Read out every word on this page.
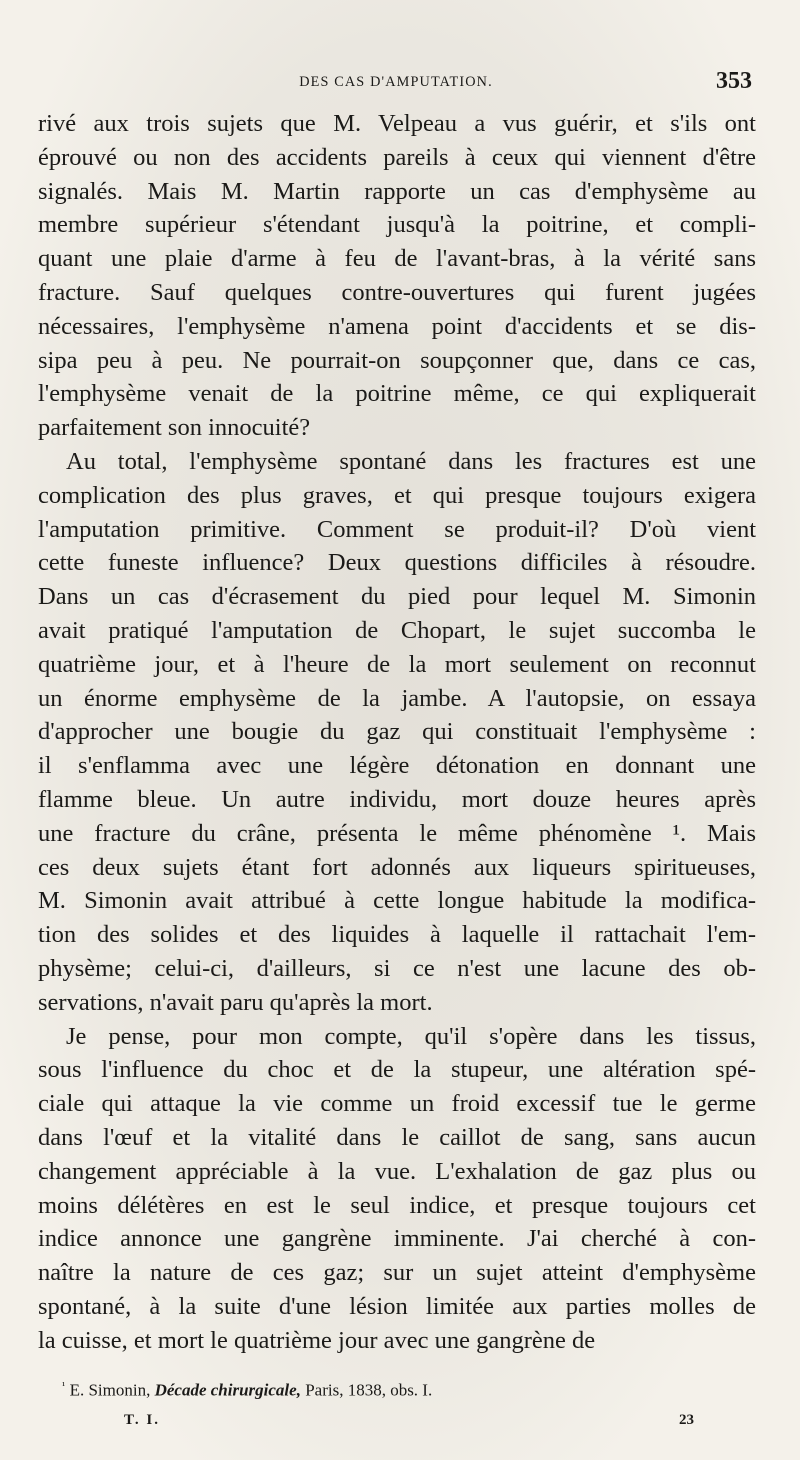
DES CAS D'AMPUTATION.	353

rivé aux trois sujets que M. Velpeau a vus guérir, et s'ils ont
éprouvé ou non des accidents pareils à ceux qui viennent d'être
signalés. Mais M. Martin rapporte un cas d'emphysème au
membre supérieur s'étendant jusqu'à la poitrine, et compli-
quant une plaie d'arme à feu de l'avant-bras, à la vérité sans
fracture. Sauf quelques contre-ouvertures qui furent jugées
nécessaires, l'emphysème n'amena point d'accidents et se dis-
sipa peu à peu. Ne pourrait-on soupçonner que, dans ce cas,
l'emphysème venait de la poitrine même, ce qui expliquerait
parfaitement son innocuité?

Au total, l'emphysème spontané dans les fractures est une
complication des plus graves, et qui presque toujours exigera
l'amputation primitive. Comment se produit-il? D'où vient
cette funeste influence? Deux questions difficiles à résoudre.
Dans un cas d'écrasement du pied pour lequel M. Simonin
avait pratiqué l'amputation de Chopart, le sujet succomba le
quatrième jour, et à l'heure de la mort seulement on reconnut
un énorme emphysème de la jambe. A l'autopsie, on essaya
d'approcher une bougie du gaz qui constituait l'emphysème :
il s'enflamma avec une légère détonation en donnant une
flamme bleue. Un autre individu, mort douze heures après
une fracture du crâne, présenta le même phénomène ¹. Mais
ces deux sujets étant fort adonnés aux liqueurs spiritueuses,
M. Simonin avait attribué à cette longue habitude la modifica-
tion des solides et des liquides à laquelle il rattachait l'em-
physème; celui-ci, d'ailleurs, si ce n'est une lacune des ob-
servations, n'avait paru qu'après la mort.

Je pense, pour mon compte, qu'il s'opère dans les tissus,
sous l'influence du choc et de la stupeur, une altération spé-
ciale qui attaque la vie comme un froid excessif tue le germe
dans l'œuf et la vitalité dans le caillot de sang, sans aucun
changement appréciable à la vue. L'exhalation de gaz plus ou
moins délétères en est le seul indice, et presque toujours cet
indice annonce une gangrène imminente. J'ai cherché à con-
naître la nature de ces gaz; sur un sujet atteint d'emphysème
spontané, à la suite d'une lésion limitée aux parties molles de
la cuisse, et mort le quatrième jour avec une gangrène de

$^{^1}$ E. Simonin, Décade chirurgicale, Paris, 1838, obs. I.
T. I.	23
